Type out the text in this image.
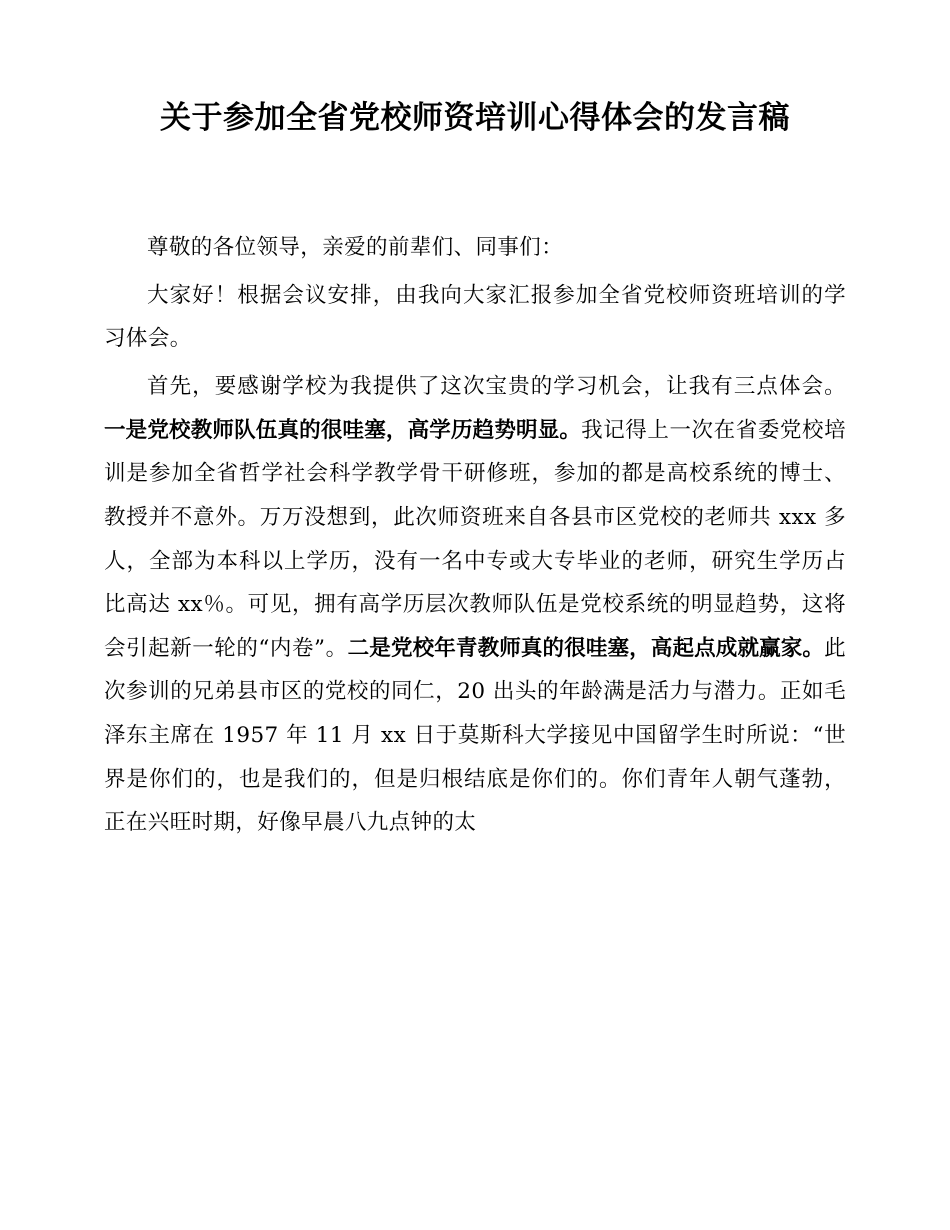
关于参加全省党校师资培训心得体会的发言稿

尊敬的各位领导，亲爱的前辈们、同事们：

大家好！根据会议安排，由我向大家汇报参加全省党校师资班培训的学习体会。

首先，要感谢学校为我提供了这次宝贵的学习机会，让我有三点体会。一是党校教师队伍真的很哇塞，高学历趋势明显。我记得上一次在省委党校培训是参加全省哲学社会科学教学骨干研修班，参加的都是高校系统的博士、教授并不意外。万万没想到，此次师资班来自各县市区党校的老师共 xxx 多人，全部为本科以上学历，没有一名中专或大专毕业的老师，研究生学历占比高达 xx％。可见，拥有高学历层次教师队伍是党校系统的明显趋势，这将会引起新一轮的“内卷”。二是党校年青教师真的很哇塞，高起点成就赢家。此次参训的兄弟县市区的党校的同仁，20 出头的年龄满是活力与潜力。正如毛泽东主席在 1957 年 11 月 xx 日于莫斯科大学接见中国留学生时所说：“世界是你们的，也是我们的，但是归根结底是你们的。你们青年人朝气蓬勃，正在兴旺时期，好像早晨八九点钟的太
